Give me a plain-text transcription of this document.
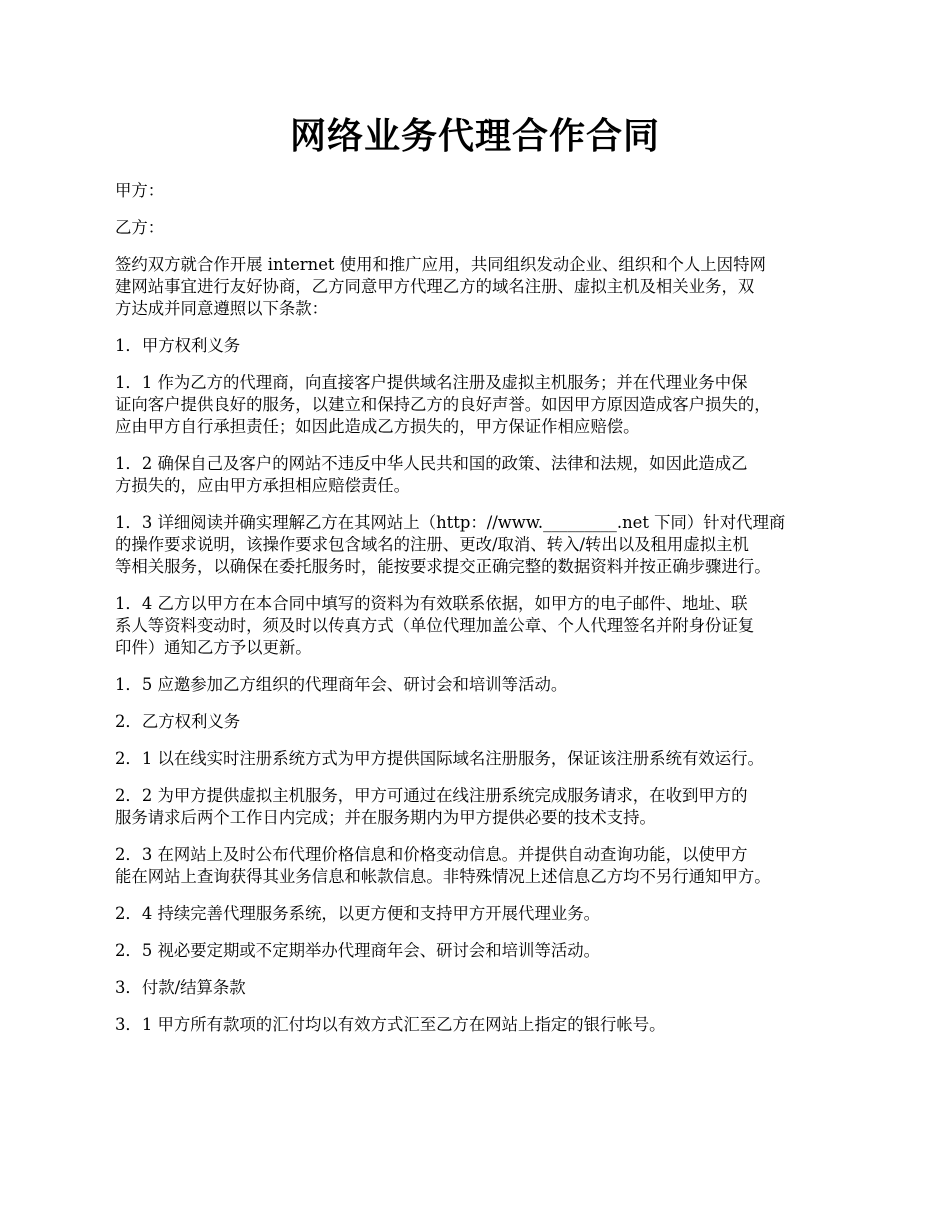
网络业务代理合作合同

甲方：

乙方：

签约双方就合作开展 internet 使用和推广应用，共同组织发动企业、组织和个人上因特网
建网站事宜进行友好协商，乙方同意甲方代理乙方的域名注册、虚拟主机及相关业务，双
方达成并同意遵照以下条款：

1．甲方权利义务

1．1 作为乙方的代理商，向直接客户提供域名注册及虚拟主机服务；并在代理业务中保
证向客户提供良好的服务，以建立和保持乙方的良好声誉。如因甲方原因造成客户损失的，
应由甲方自行承担责任；如因此造成乙方损失的，甲方保证作相应赔偿。

1．2 确保自己及客户的网站不违反中华人民共和国的政策、法律和法规，如因此造成乙
方损失的，应由甲方承担相应赔偿责任。

1．3 详细阅读并确实理解乙方在其网站上（http：//www._________.net 下同）针对代理商
的操作要求说明，该操作要求包含域名的注册、更改/取消、转入/转出以及租用虚拟主机
等相关服务，以确保在委托服务时，能按要求提交正确完整的数据资料并按正确步骤进行。

1．4 乙方以甲方在本合同中填写的资料为有效联系依据，如甲方的电子邮件、地址、联
系人等资料变动时，须及时以传真方式（单位代理加盖公章、个人代理签名并附身份证复
印件）通知乙方予以更新。

1．5 应邀参加乙方组织的代理商年会、研讨会和培训等活动。

2．乙方权利义务

2．1 以在线实时注册系统方式为甲方提供国际域名注册服务，保证该注册系统有效运行。

2．2 为甲方提供虚拟主机服务，甲方可通过在线注册系统完成服务请求，在收到甲方的
服务请求后两个工作日内完成；并在服务期内为甲方提供必要的技术支持。

2．3 在网站上及时公布代理价格信息和价格变动信息。并提供自动查询功能，以使甲方
能在网站上查询获得其业务信息和帐款信息。非特殊情况上述信息乙方均不另行通知甲方。

2．4 持续完善代理服务系统，以更方便和支持甲方开展代理业务。

2．5 视必要定期或不定期举办代理商年会、研讨会和培训等活动。

3．付款/结算条款

3．1 甲方所有款项的汇付均以有效方式汇至乙方在网站上指定的银行帐号。
